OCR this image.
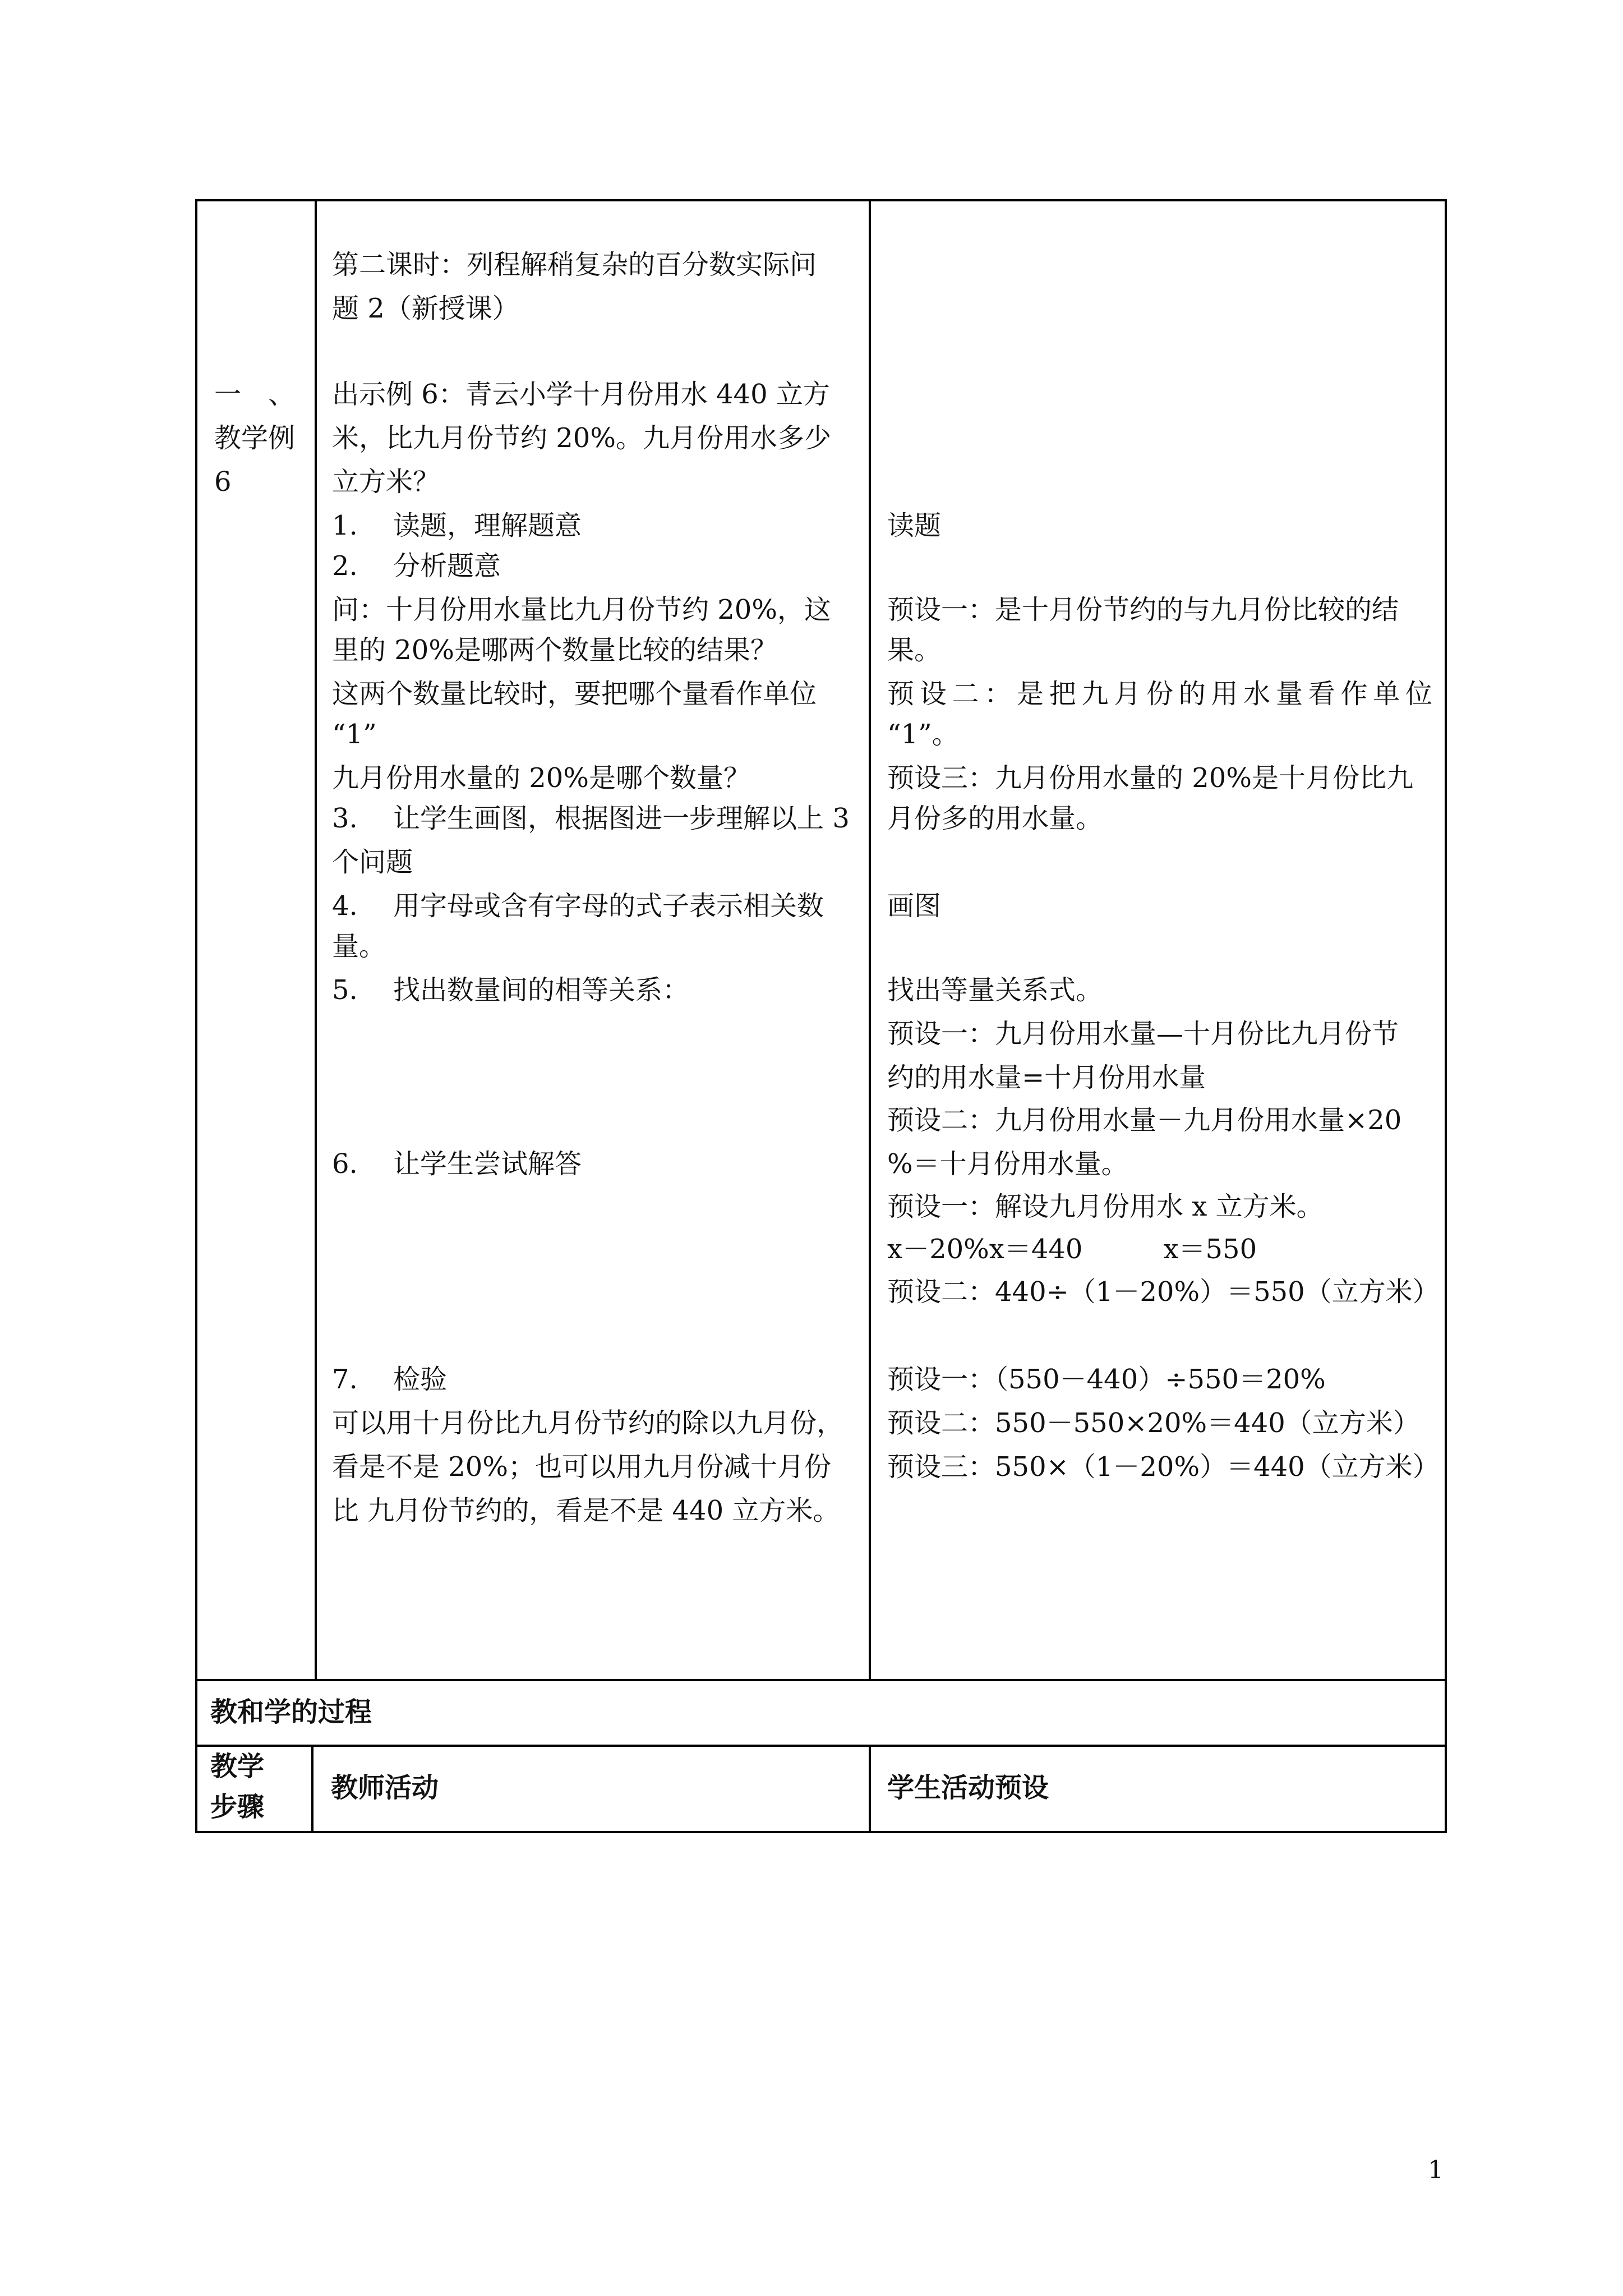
一　、
教学例
6
第二课时：列程解稍复杂的百分数实际问
题 2（新授课）
出示例 6：青云小学十月份用水 440 立方
米，比九月份节约 20%。九月份用水多少
立方米？
1.　 读题，理解题意
2.　 分析题意
问：十月份用水量比九月份节约 20%，这
里的 20%是哪两个数量比较的结果？
这两个数量比较时，要把哪个量看作单位
“1”
九月份用水量的 20%是哪个数量？
3.　 让学生画图，根据图进一步理解以上 3
个问题
4.　 用字母或含有字母的式子表示相关数
量。
5.　 找出数量间的相等关系：
6.　 让学生尝试解答
7.　 检验
可以用十月份比九月份节约的除以九月份，
看是不是 20%；也可以用九月份减十月份
比 九月份节约的，看是不是 440 立方米。
读题
预设一：是十月份节约的与九月份比较的结
果。
预设二：是把九月份的用水量看作单位
“1”。
预设三：九月份用水量的 20%是十月份比九
月份多的用水量。
画图
找出等量关系式。
预设一：九月份用水量—十月份比九月份节
约的用水量=十月份用水量
预设二：九月份用水量－九月份用水量×20
%＝十月份用水量。
预设一：解设九月份用水 x 立方米。
x－20%x＝440　　　x＝550
预设二：440÷（1－20%）＝550（立方米）
预设一：（550－440）÷550＝20%
预设二：550－550×20%＝440（立方米）
预设三：550×（1－20%）＝440（立方米）
教和学的过程
教学
步骤
教师活动	学生活动预设
1
